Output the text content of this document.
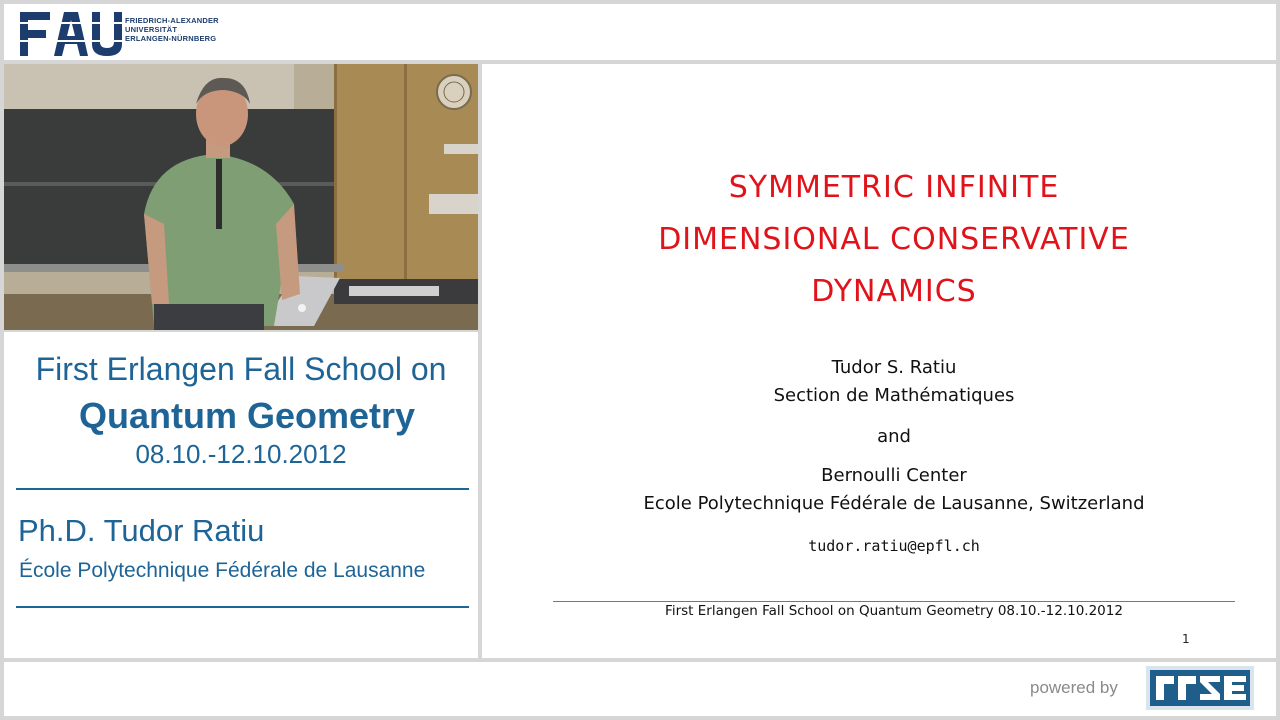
FRIEDRICH-ALEXANDER
UNIVERSITÄT
ERLANGEN-NÜRNBERG
First Erlangen Fall School on
Quantum Geometry
08.10.-12.10.2012
Ph.D. Tudor Ratiu
École Polytechnique Fédérale de Lausanne
SYMMETRIC INFINITE
DIMENSIONAL CONSERVATIVE
DYNAMICS
Tudor S. Ratiu
Section de Mathématiques
and
Bernoulli Center
Ecole Polytechnique Fédérale de Lausanne, Switzerland
tudor.ratiu@epfl.ch
First Erlangen Fall School on Quantum Geometry 08.10.-12.10.2012
1
powered by
